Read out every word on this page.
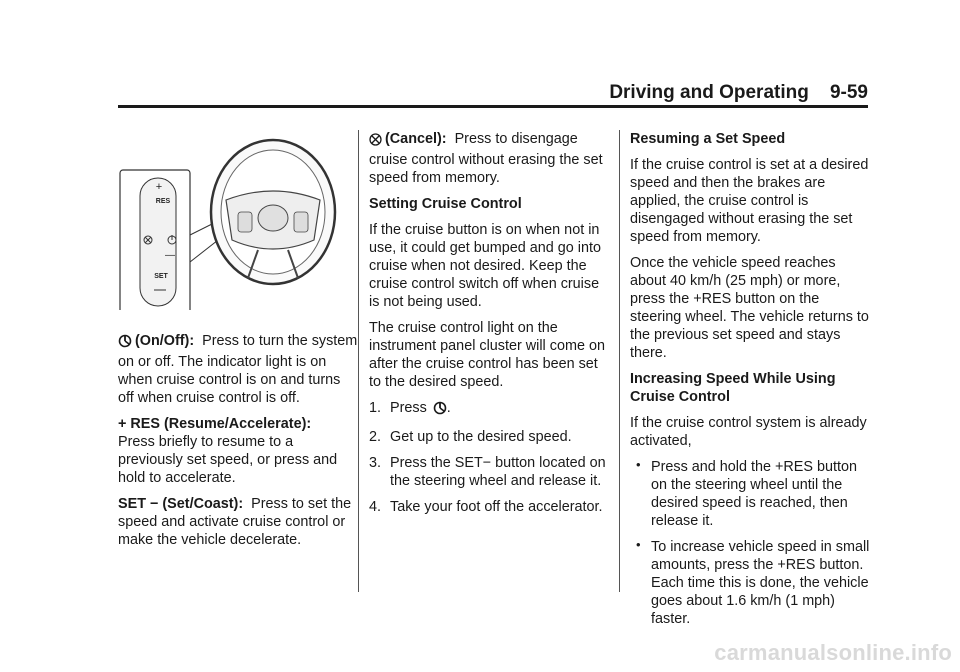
Driving and Operating 9-59
+
RES
—
SET

(On/Off): Press to turn the system on or off. The indicator light is on when cruise control is on and turns off when cruise control is off.

+ RES (Resume/Accelerate):
Press briefly to resume to a previously set speed, or press and hold to accelerate.

SET − (Set/Coast): Press to set the speed and activate cruise control or make the vehicle decelerate.

(Cancel): Press to disengage cruise control without erasing the set speed from memory.

Setting Cruise Control

If the cruise button is on when not in use, it could get bumped and go into cruise when not desired. Keep the cruise control switch off when cruise is not being used.

The cruise control light on the instrument panel cluster will come on after the cruise control has been set to the desired speed.

1. Press .
2. Get up to the desired speed.
3. Press the SET− button located on the steering wheel and release it.
4. Take your foot off the accelerator.

Resuming a Set Speed

If the cruise control is set at a desired speed and then the brakes are applied, the cruise control is disengaged without erasing the set speed from memory.

Once the vehicle speed reaches about 40 km/h (25 mph) or more, press the +RES button on the steering wheel. The vehicle returns to the previous set speed and stays there.

Increasing Speed While Using Cruise Control

If the cruise control system is already activated,

• Press and hold the +RES button on the steering wheel until the desired speed is reached, then release it.
• To increase vehicle speed in small amounts, press the +RES button. Each time this is done, the vehicle goes about 1.6 km/h (1 mph) faster.
carmanualsonline.info
